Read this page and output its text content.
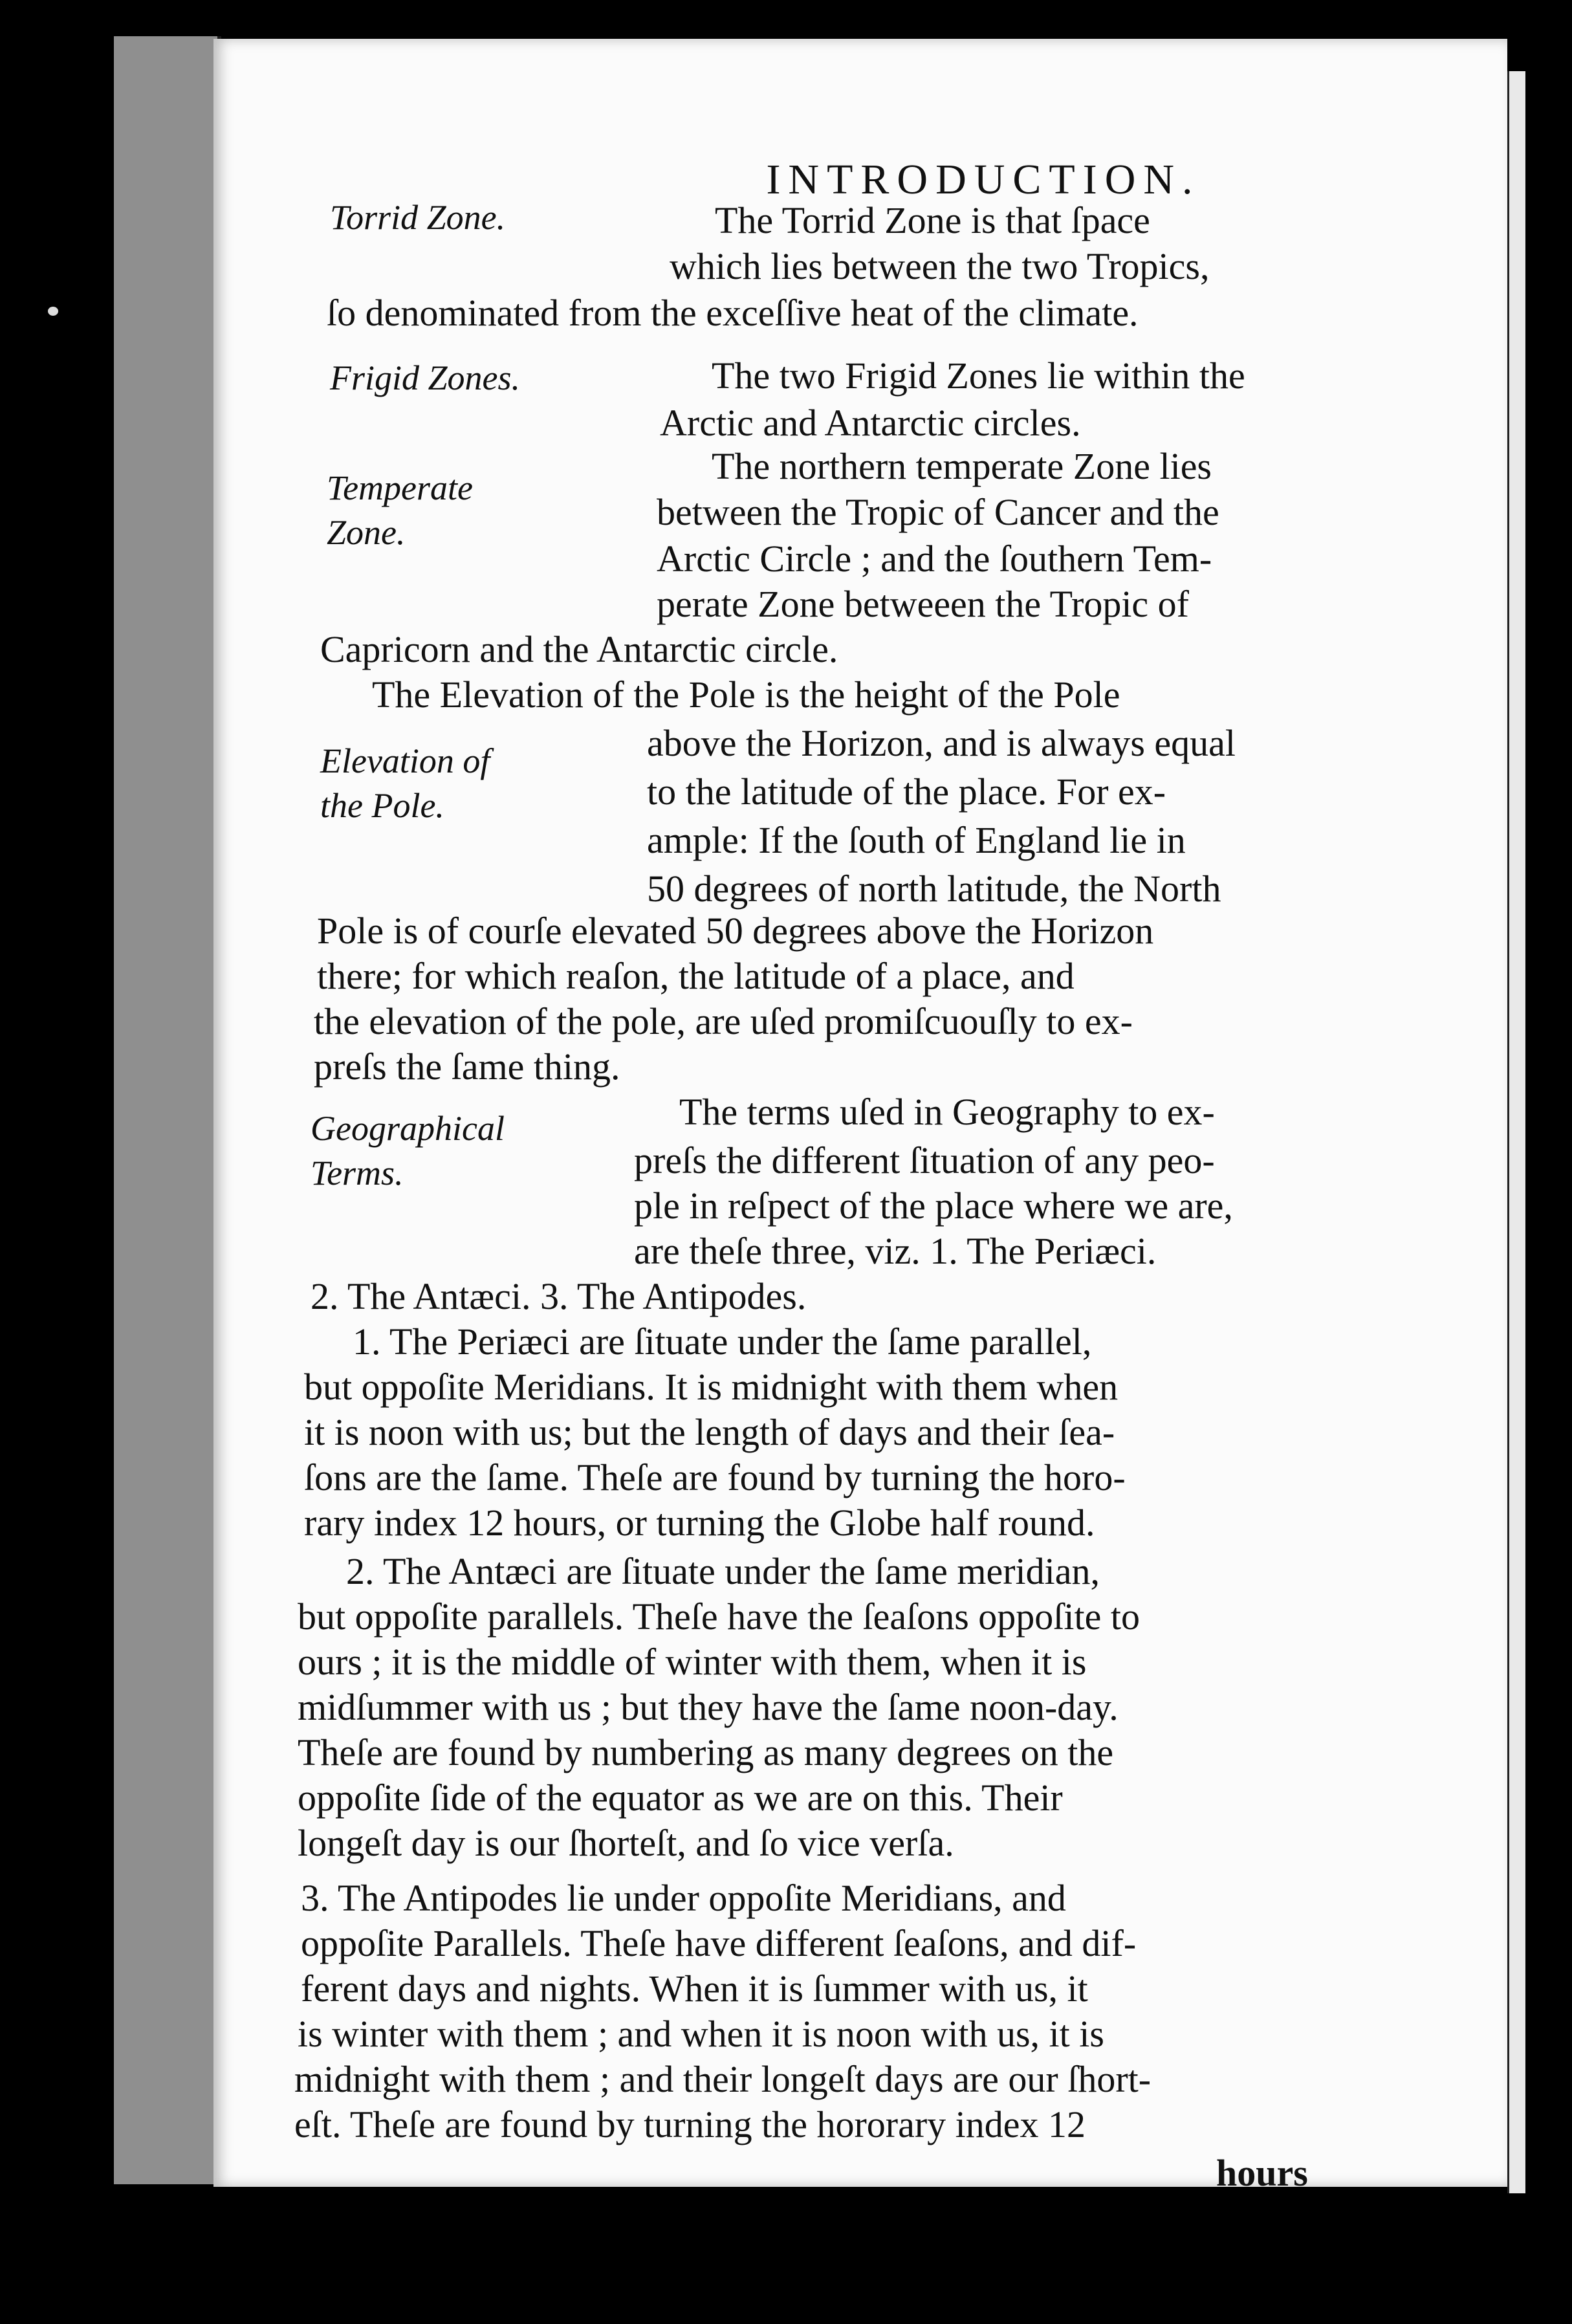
INTRODUCTION.
Torrid Zone.
Frigid Zones.
Temperate
Zone.
Elevation of
the Pole.
Geographical
Terms.
The Torrid Zone is that ſpace
which lies between the two Tropics,
ſo denominated from the exceſſive heat of the climate.
The two Frigid Zones lie within the
Arctic and Antarctic circles.
The northern temperate Zone lies
between the Tropic of Cancer and the
Arctic Circle ; and the ſouthern Tem-
perate Zone betweeen the Tropic of
Capricorn and the Antarctic circle.
The Elevation of the Pole is the height of the Pole
above the Horizon, and is always equal
to the latitude of the place. For ex-
ample: If the ſouth of England lie in
50 degrees of north latitude, the North
Pole is of courſe elevated 50 degrees above the Horizon
there; for which reaſon, the latitude of a place, and
the elevation of the pole, are uſed promiſcuouſly to ex-
preſs the ſame thing.
The terms uſed in Geography to ex-
preſs the different ſituation of any peo-
ple in reſpect of the place where we are,
are theſe three, viz. 1. The Periæci.
2. The Antæci. 3. The Antipodes.
1. The Periæci are ſituate under the ſame parallel,
but oppoſite Meridians. It is midnight with them when
it is noon with us; but the length of days and their ſea-
ſons are the ſame. Theſe are found by turning the horo-
rary index 12 hours, or turning the Globe half round.
2. The Antæci are ſituate under the ſame meridian,
but oppoſite parallels. Theſe have the ſeaſons oppoſite to
ours ; it is the middle of winter with them, when it is
midſummer with us ; but they have the ſame noon-day.
Theſe are found by numbering as many degrees on the
oppoſite ſide of the equator as we are on this. Their
longeſt day is our ſhorteſt, and ſo vice verſa.
3. The Antipodes lie under oppoſite Meridians, and
oppoſite Parallels. Theſe have different ſeaſons, and dif-
ferent days and nights. When it is ſummer with us, it
is winter with them ; and when it is noon with us, it is
midnight with them ; and their longeſt days are our ſhort-
eſt. Theſe are found by turning the hororary index 12
hours
